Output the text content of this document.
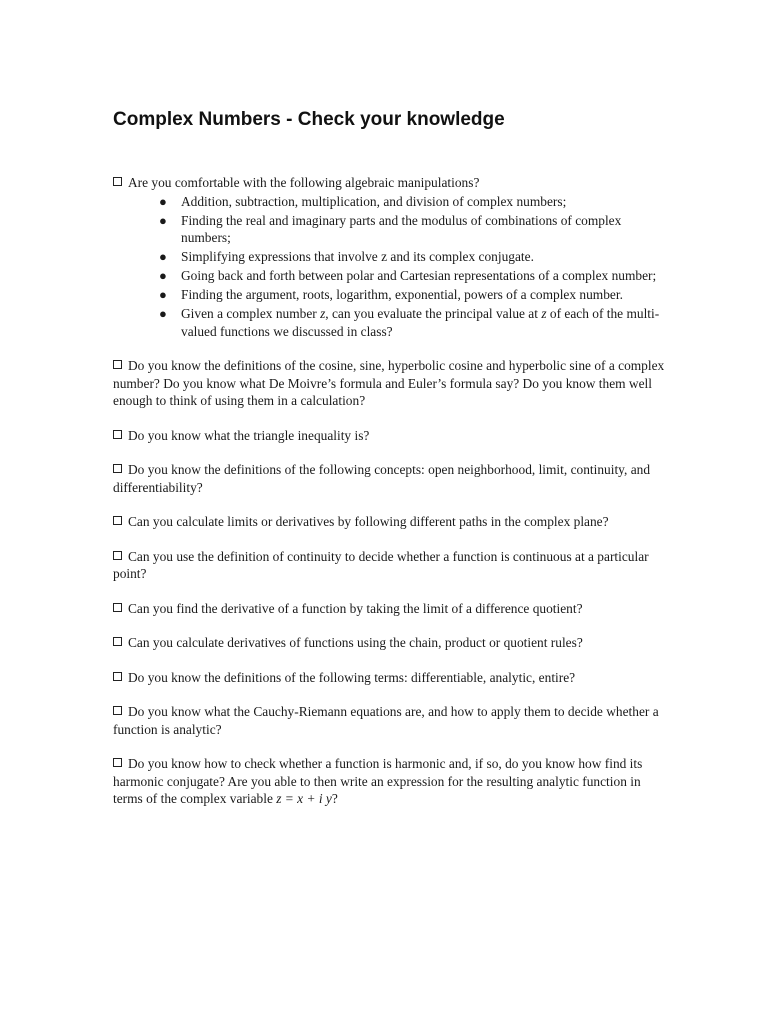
Complex Numbers - Check your knowledge
Are you comfortable with the following algebraic manipulations?
● Addition, subtraction, multiplication, and division of complex numbers;
● Finding the real and imaginary parts and the modulus of combinations of complex numbers;
● Simplifying expressions that involve z and its complex conjugate.
● Going back and forth between polar and Cartesian representations of a complex number;
● Finding the argument, roots, logarithm, exponential, powers of a complex number.
● Given a complex number z, can you evaluate the principal value at z of each of the multi-valued functions we discussed in class?
Do you know the definitions of the cosine, sine, hyperbolic cosine and hyperbolic sine of a complex number? Do you know what De Moivre’s formula and Euler’s formula say? Do you know them well enough to think of using them in a calculation?
Do you know what the triangle inequality is?
Do you know the definitions of the following concepts: open neighborhood, limit, continuity, and differentiability?
Can you calculate limits or derivatives by following different paths in the complex plane?
Can you use the definition of continuity to decide whether a function is continuous at a particular point?
Can you find the derivative of a function by taking the limit of a difference quotient?
Can you calculate derivatives of functions using the chain, product or quotient rules?
Do you know the definitions of the following terms: differentiable, analytic, entire?
Do you know what the Cauchy-Riemann equations are, and how to apply them to decide whether a function is analytic?
Do you know how to check whether a function is harmonic and, if so, do you know how find its harmonic conjugate? Are you able to then write an expression for the resulting analytic function in terms of the complex variable z = x + i y?
